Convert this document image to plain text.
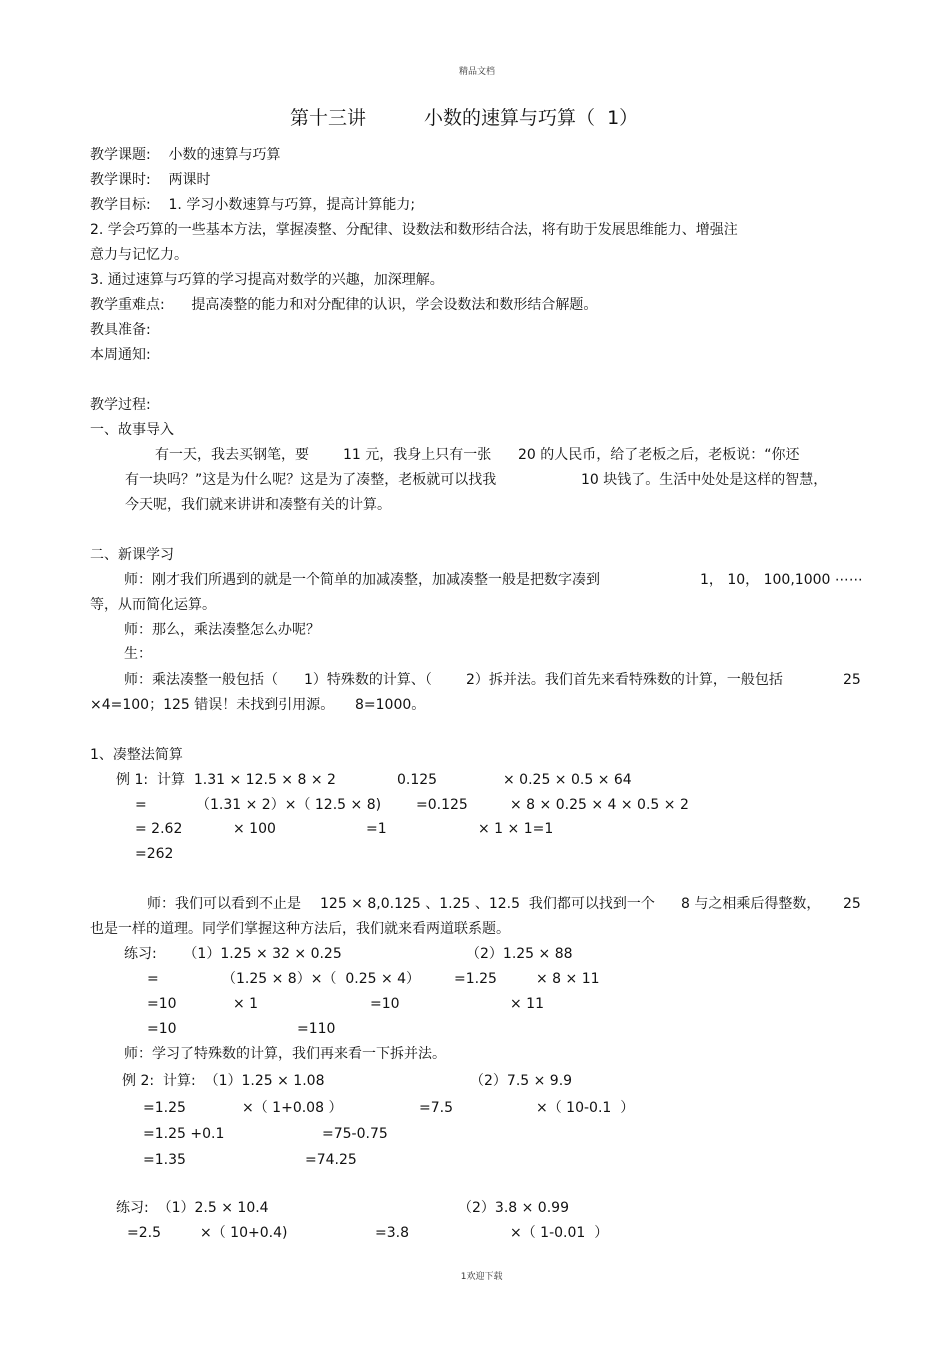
精品文档
第十三讲	小数的速算与巧算（  1）
教学课题:    小数的速算与巧算
教学课时:    两课时
教学目标:    1. 学习小数速算与巧算，提高计算能力;
2. 学会巧算的一些基本方法，掌握凑整、分配律、设数法和数形结合法，将有助于发展思维能力、增强注
意力与记忆力。
3. 通过速算与巧算的学习提高对数学的兴趣，加深理解。
教学重难点:      提高凑整的能力和对分配律的认识，学会设数法和数形结合解题。
教具准备:
本周通知:
教学过程:
一、故事导入
有一天，我去买钢笔，要 11 元，我身上只有一张 20 的人民币，给了老板之后，老板说：“你还
有一块吗？”这是为什么呢？这是为了凑整，老板就可以找我	10 块钱了。生活中处处是这样的智慧，
今天呢，我们就来讲讲和凑整有关的计算。
二、新课学习
师：刚才我们所遇到的就是一个简单的加减凑整，加减凑整一般是把数字凑到	1， 10， 100,1000 ⋯⋯
等，从而简化运算。
师：那么，乘法凑整怎么办呢？
生：
师：乘法凑整一般包括（ 1）特殊数的计算、（ 2）拆并法。我们首先来看特殊数的计算，一般包括	25
×4=100；125 错误！未找到引用源。 8=1000。
1、凑整法简算
例 1:  计算  1.31 × 12.5 × 8 × 2	0.125	× 0.25 × 0.5 × 64
=	（1.31 × 2）×（ 12.5 × 8) =0.125	× 8 × 0.25 × 4 × 0.5 × 2
= 2.62	× 100	=1	× 1 × 1=1
=262
师：我们可以看到不止是 125 × 8,0.125 、1.25 、12.5  我们都可以找到一个 8 与之相乘后得整数， 25
也是一样的道理。同学们掌握这种方法后，我们就来看两道联系题。
练习:      （1）1.25 × 32 × 0.25	（2）1.25 × 88
=	（1.25 × 8）×（  0.25 × 4） =1.25	× 8 × 11
=10	× 1	=10	× 11
=10	=110
师：学习了特殊数的计算，我们再来看一下拆并法。
例 2:  计算:  （1）1.25 × 1.08	（2）7.5 × 9.9
=1.25	×（ 1+0.08 ）	=7.5	×（ 10-0.1  ）
=1.25 +0.1	=75-0.75
=1.35	=74.25
练习:  （1）2.5 × 10.4	（2）3.8 × 0.99
=2.5	×（ 10+0.4)	=3.8	×（ 1-0.01  ）

1欢迎下载
